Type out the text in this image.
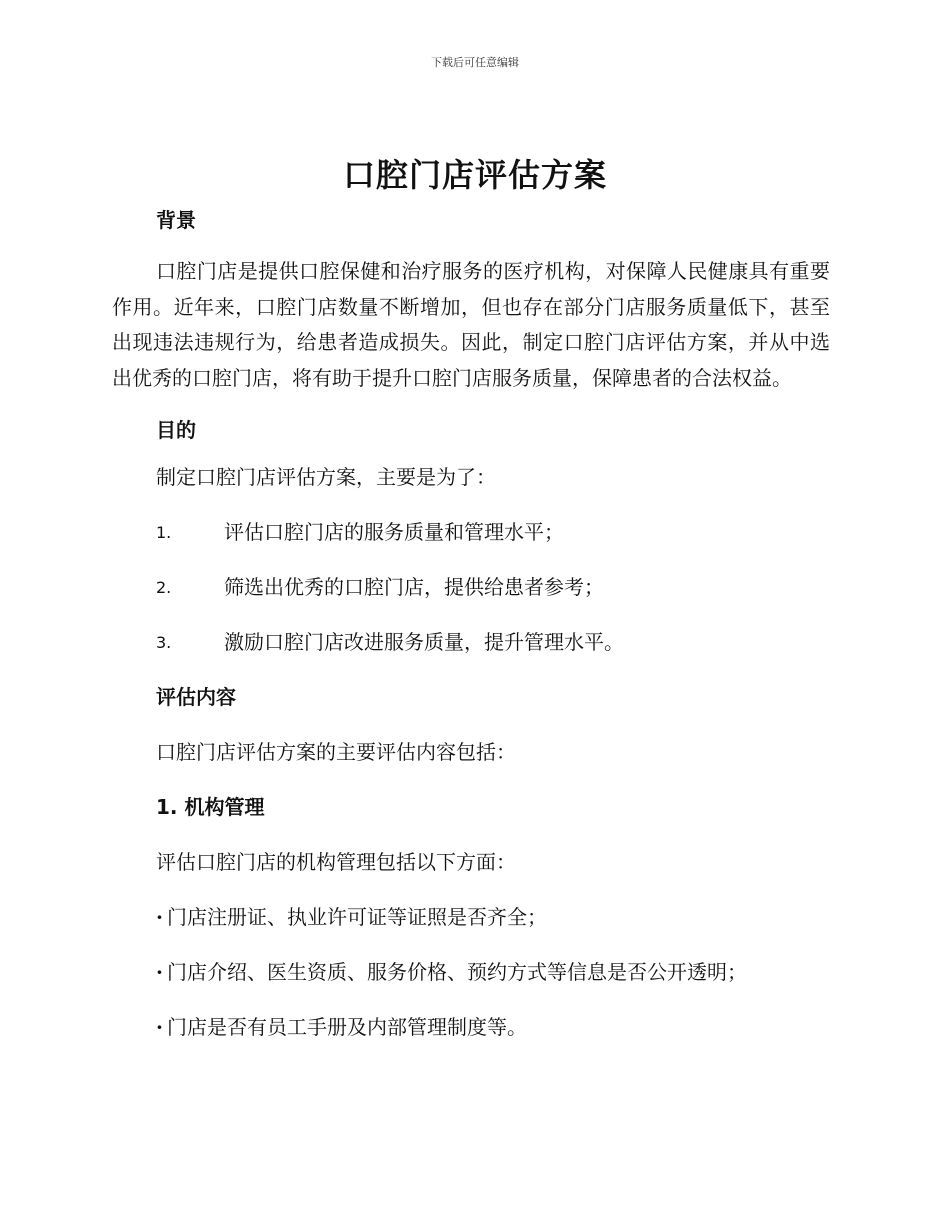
下载后可任意编辑
口腔门店评估方案
背景

口腔门店是提供口腔保健和治疗服务的医疗机构，对保障人民健康具有重要作用。近年来，口腔门店数量不断增加，但也存在部分门店服务质量低下，甚至出现违法违规行为，给患者造成损失。因此，制定口腔门店评估方案，并从中选出优秀的口腔门店，将有助于提升口腔门店服务质量，保障患者的合法权益。

目的
制定口腔门店评估方案，主要是为了：
1.	评估口腔门店的服务质量和管理水平；
2.	筛选出优秀的口腔门店，提供给患者参考；
3.	激励口腔门店改进服务质量，提升管理水平。
评估内容
口腔门店评估方案的主要评估内容包括：
1. 机构管理
评估口腔门店的机构管理包括以下方面：
· 门店注册证、执业许可证等证照是否齐全；
· 门店介绍、医生资质、服务价格、预约方式等信息是否公开透明；
· 门店是否有员工手册及内部管理制度等。
